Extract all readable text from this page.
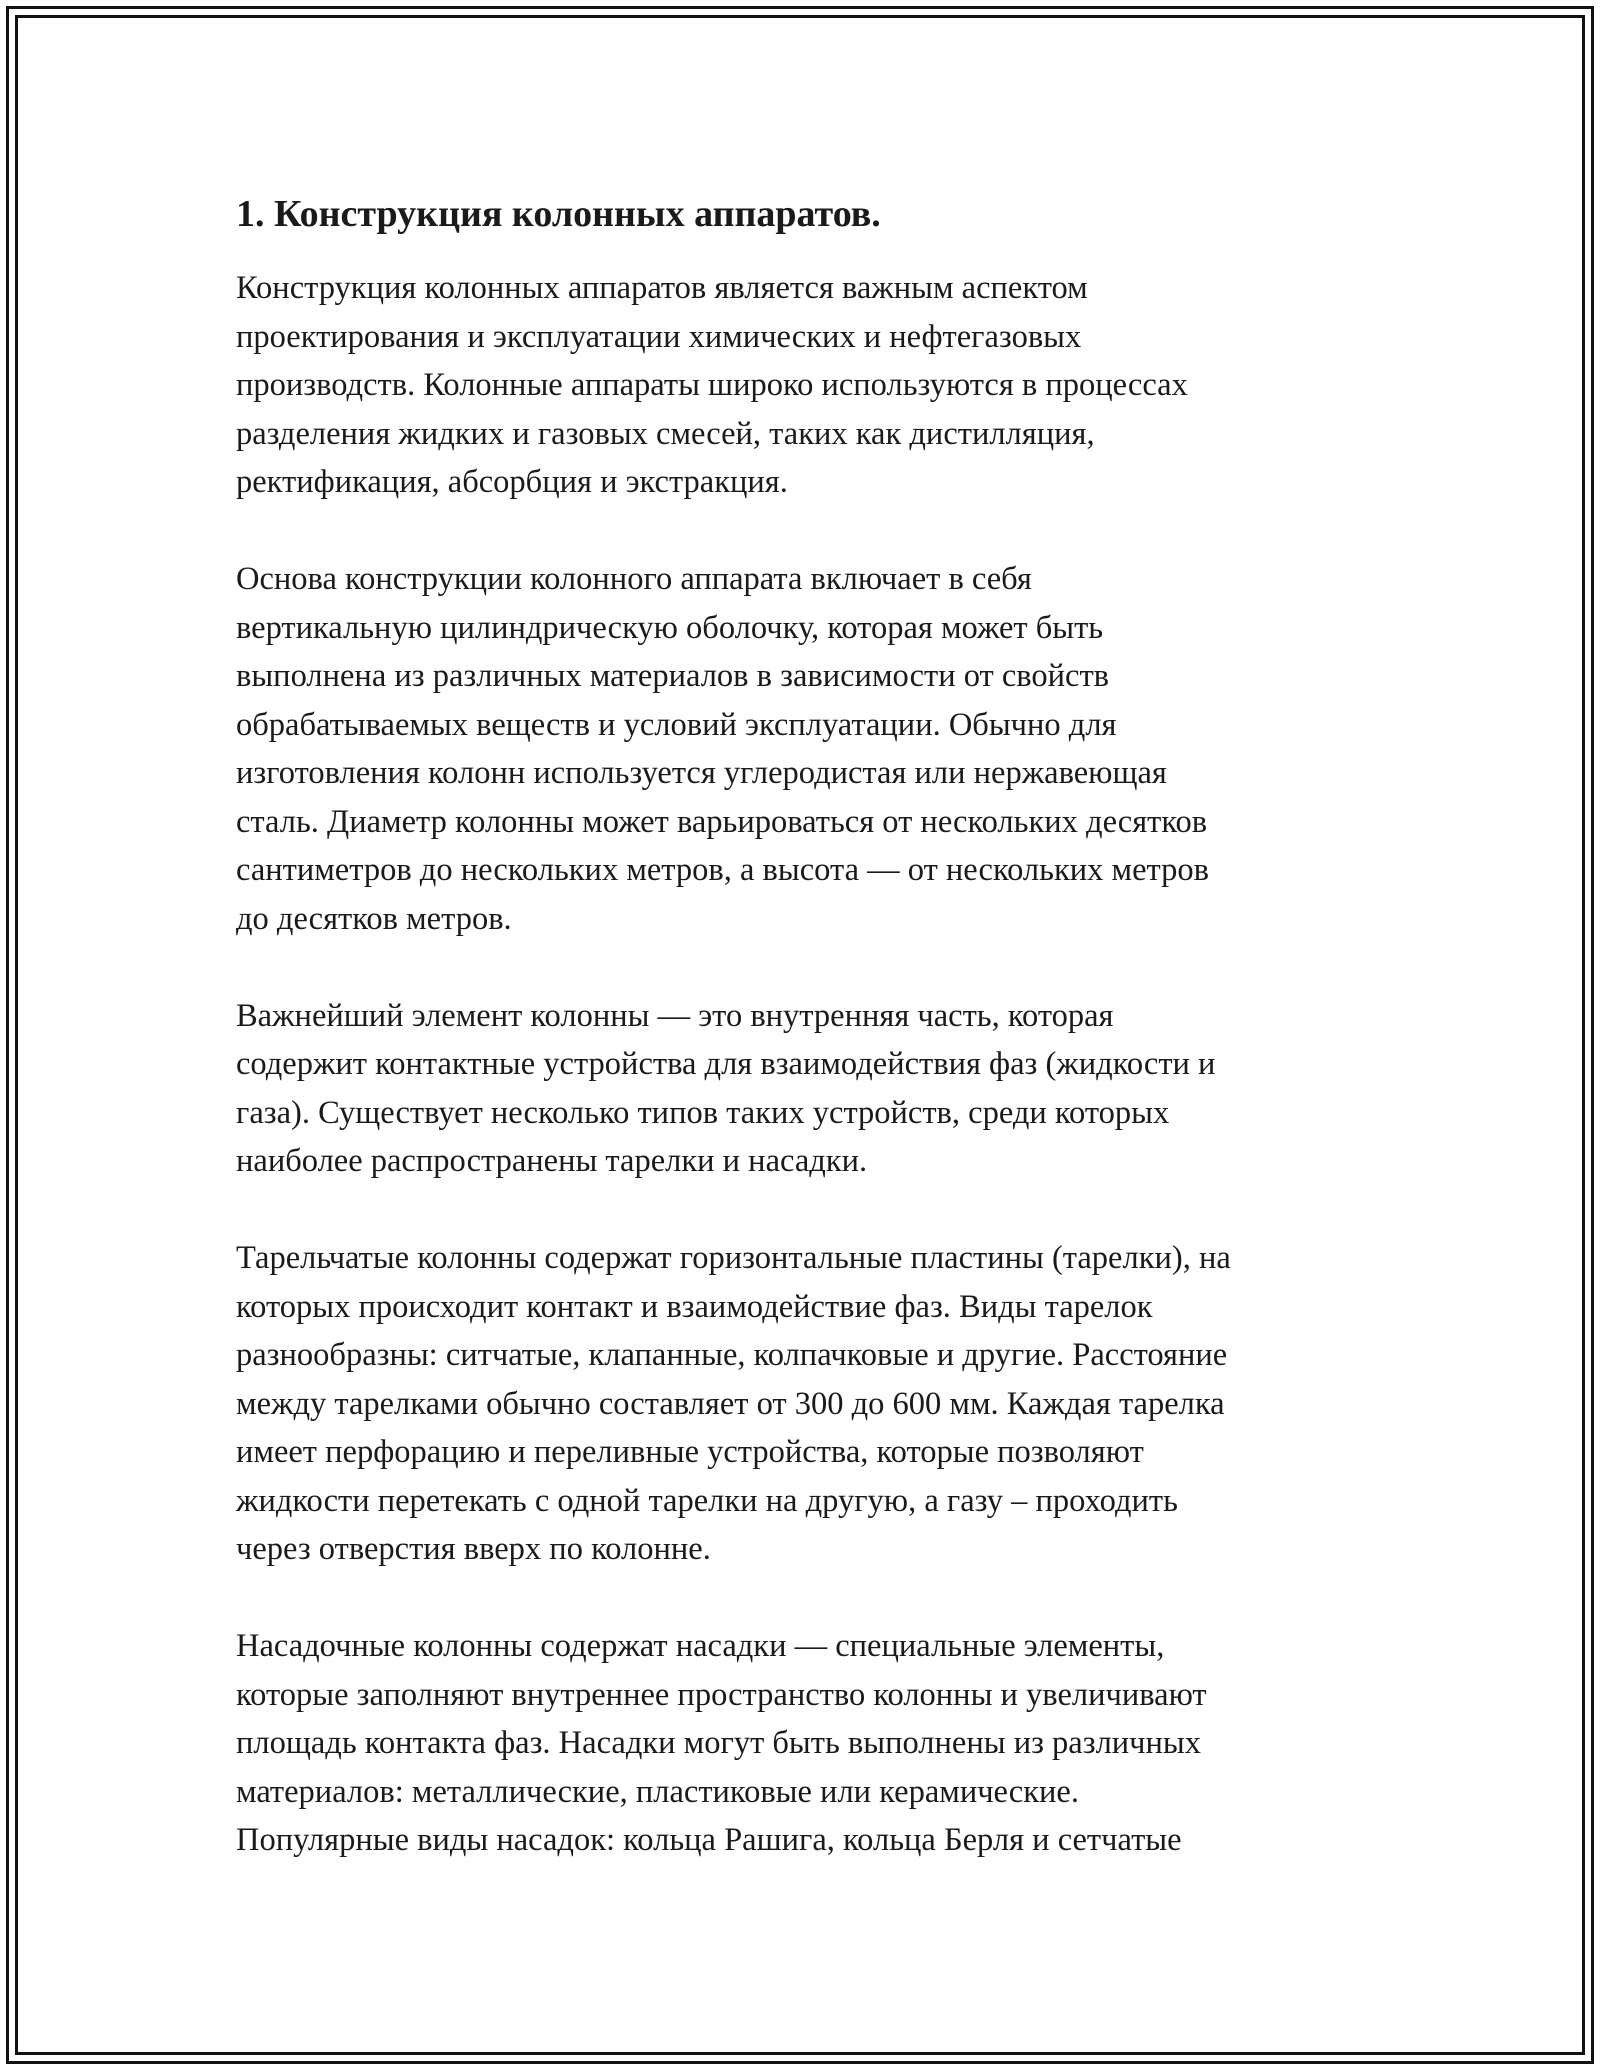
1. Конструкция колонных аппаратов.

Конструкция колонных аппаратов является важным аспектом
проектирования и эксплуатации химических и нефтегазовых
производств. Колонные аппараты широко используются в процессах
разделения жидких и газовых смесей, таких как дистилляция,
ректификация, абсорбция и экстракция.

Основа конструкции колонного аппарата включает в себя
вертикальную цилиндрическую оболочку, которая может быть
выполнена из различных материалов в зависимости от свойств
обрабатываемых веществ и условий эксплуатации. Обычно для
изготовления колонн используется углеродистая или нержавеющая
сталь. Диаметр колонны может варьироваться от нескольких десятков
сантиметров до нескольких метров, а высота — от нескольких метров
до десятков метров.

Важнейший элемент колонны — это внутренняя часть, которая
содержит контактные устройства для взаимодействия фаз (жидкости и
газа). Существует несколько типов таких устройств, среди которых
наиболее распространены тарелки и насадки.

Тарельчатые колонны содержат горизонтальные пластины (тарелки), на
которых происходит контакт и взаимодействие фаз. Виды тарелок
разнообразны: ситчатые, клапанные, колпачковые и другие. Расстояние
между тарелками обычно составляет от 300 до 600 мм. Каждая тарелка
имеет перфорацию и переливные устройства, которые позволяют
жидкости перетекать с одной тарелки на другую, а газу – проходить
через отверстия вверх по колонне.

Насадочные колонны содержат насадки — специальные элементы,
которые заполняют внутреннее пространство колонны и увеличивают
площадь контакта фаз. Насадки могут быть выполнены из различных
материалов: металлические, пластиковые или керамические.
Популярные виды насадок: кольца Рашига, кольца Берля и сетчатые
